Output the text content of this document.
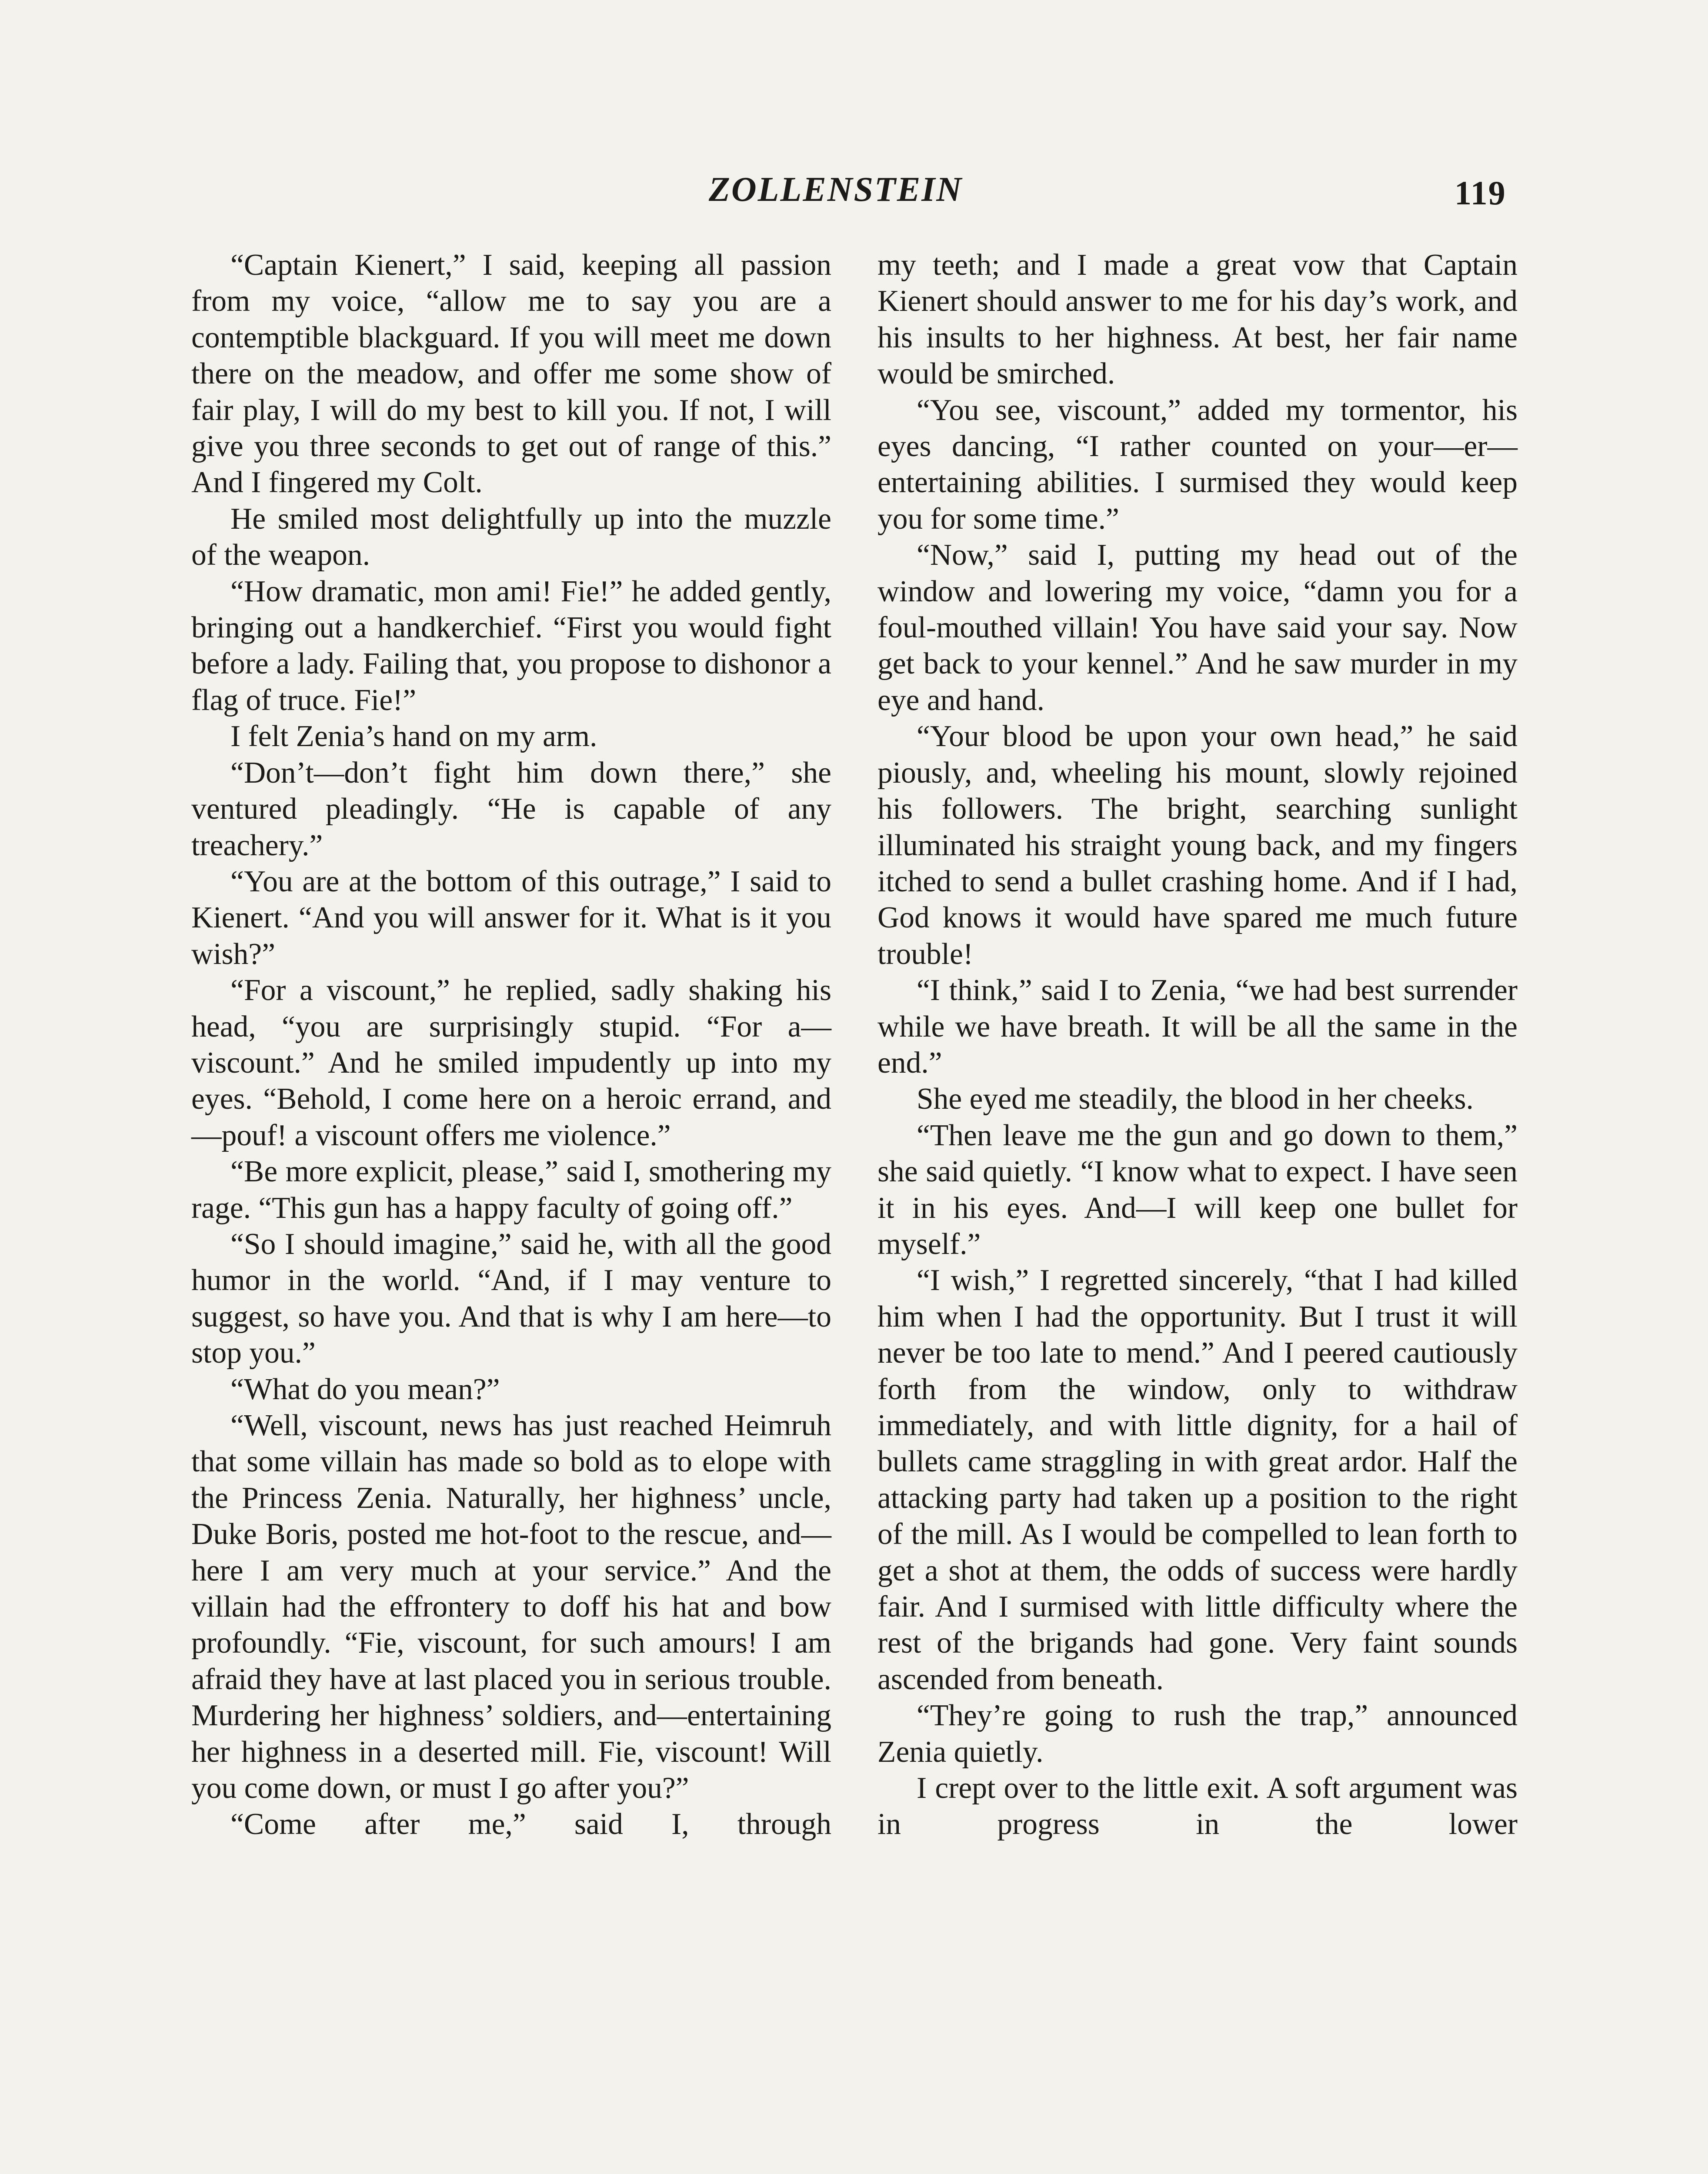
ZOLLENSTEIN	119

“Captain Kienert,” I said, keeping all passion from my voice, “allow me to say you are a contemptible blackguard. If you will meet me down there on the meadow, and offer me some show of fair play, I will do my best to kill you. If not, I will give you three seconds to get out of range of this.” And I fingered my Colt.

He smiled most delightfully up into the muzzle of the weapon.

“How dramatic, mon ami! Fie!” he added gently, bringing out a handkerchief. “First you would fight before a lady. Failing that, you propose to dishonor a flag of truce. Fie!”

I felt Zenia’s hand on my arm.

“Don’t—don’t fight him down there,” she ventured pleadingly. “He is capable of any treachery.”

“You are at the bottom of this outrage,” I said to Kienert. “And you will answer for it. What is it you wish?”

“For a viscount,” he replied, sadly shaking his head, “you are surprisingly stupid. “For a—viscount.” And he smiled impudently up into my eyes. “Behold, I come here on a heroic errand, and—pouf! a viscount offers me violence.”

“Be more explicit, please,” said I, smothering my rage. “This gun has a happy faculty of going off.”

“So I should imagine,” said he, with all the good humor in the world. “And, if I may venture to suggest, so have you. And that is why I am here—to stop you.”

“What do you mean?”

“Well, viscount, news has just reached Heimruh that some villain has made so bold as to elope with the Princess Zenia. Naturally, her highness’ uncle, Duke Boris, posted me hot-foot to the rescue, and—here I am very much at your service.” And the villain had the effrontery to doff his hat and bow profoundly. “Fie, viscount, for such amours! I am afraid they have at last placed you in serious trouble. Murdering her highness’ soldiers, and—entertaining her highness in a deserted mill. Fie, viscount! Will you come down, or must I go after you?”

“Come after me,” said I, through

my teeth; and I made a great vow that Captain Kienert should answer to me for his day’s work, and his insults to her highness. At best, her fair name would be smirched.

“You see, viscount,” added my tormentor, his eyes dancing, “I rather counted on your—er—entertaining abilities. I surmised they would keep you for some time.”

“Now,” said I, putting my head out of the window and lowering my voice, “damn you for a foul-mouthed villain! You have said your say. Now get back to your kennel.” And he saw murder in my eye and hand.

“Your blood be upon your own head,” he said piously, and, wheeling his mount, slowly rejoined his followers. The bright, searching sunlight illuminated his straight young back, and my fingers itched to send a bullet crashing home. And if I had, God knows it would have spared me much future trouble!

“I think,” said I to Zenia, “we had best surrender while we have breath. It will be all the same in the end.”

She eyed me steadily, the blood in her cheeks.

“Then leave me the gun and go down to them,” she said quietly. “I know what to expect. I have seen it in his eyes. And—I will keep one bullet for myself.”

“I wish,” I regretted sincerely, “that I had killed him when I had the opportunity. But I trust it will never be too late to mend.” And I peered cautiously forth from the window, only to withdraw immediately, and with little dignity, for a hail of bullets came straggling in with great ardor. Half the attacking party had taken up a position to the right of the mill. As I would be compelled to lean forth to get a shot at them, the odds of success were hardly fair. And I surmised with little difficulty where the rest of the brigands had gone. Very faint sounds ascended from beneath.

“They’re going to rush the trap,” announced Zenia quietly.

I crept over to the little exit. A soft argument was in progress in the lower
